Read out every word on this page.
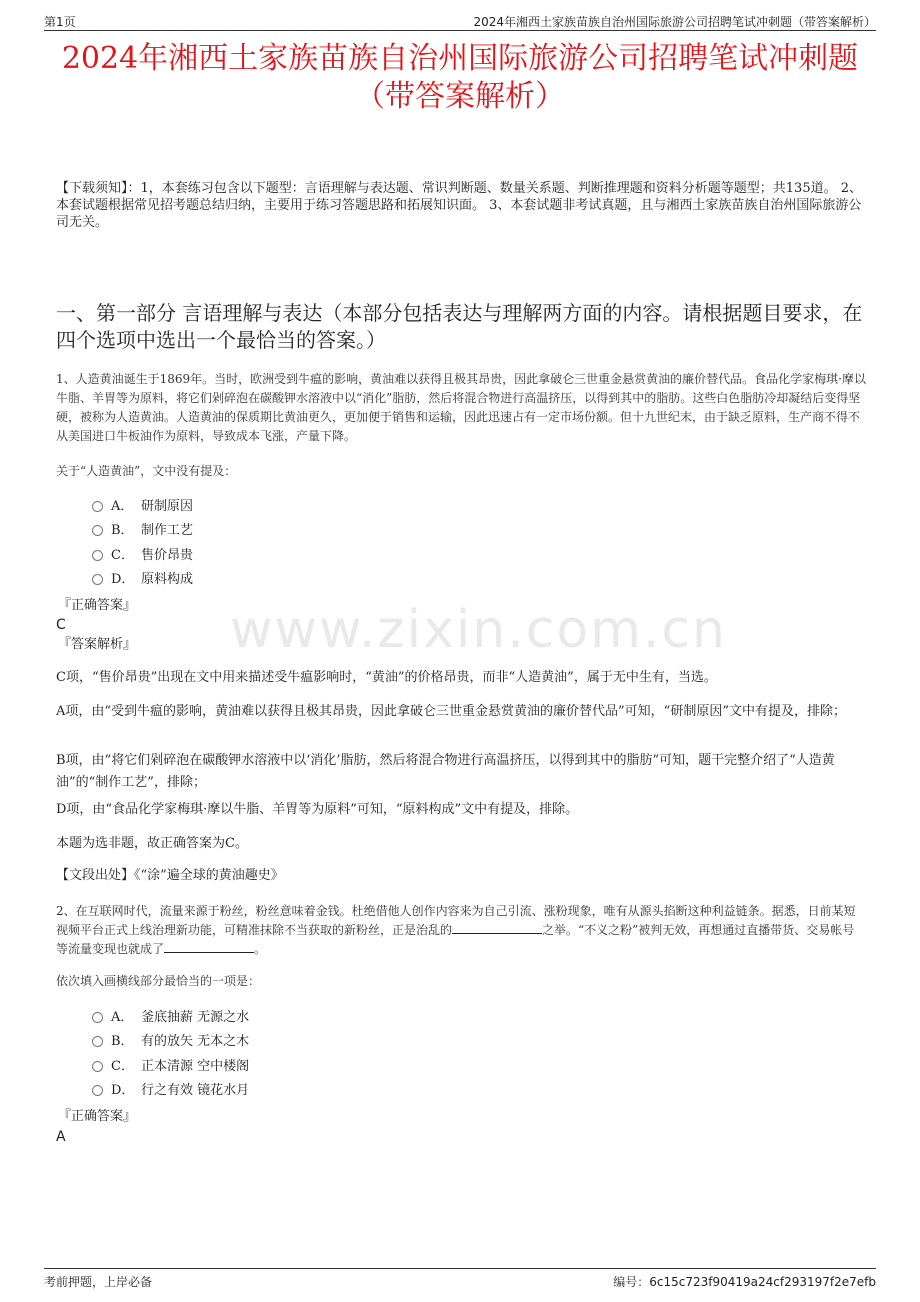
第1页	2024年湘西土家族苗族自治州国际旅游公司招聘笔试冲刺题（带答案解析）
www.zixin.com.cn
2024年湘西土家族苗族自治州国际旅游公司招聘笔试冲刺题
（带答案解析）
【下载须知】：1，本套练习包含以下题型：言语理解与表达题、常识判断题、数量关系题、判断推理题和资料分析题等题型；共135道。 2、本套试题根据常见招考题总结归纳，主要用于练习答题思路和拓展知识面。 3、本套试题非考试真题，且与湘西土家族苗族自治州国际旅游公司无关。
一、第一部分 言语理解与表达（本部分包括表达与理解两方面的内容。请根据题目要求，在四个选项中选出一个最恰当的答案。）
1、人造黄油诞生于1869年。当时，欧洲受到牛瘟的影响，黄油难以获得且极其昂贵，因此拿破仑三世重金悬赏黄油的廉价替代品。食品化学家梅琪·摩以牛脂、羊胃等为原料，将它们剁碎泡在碳酸钾水溶液中以“消化”脂肪，然后将混合物进行高温挤压，以得到其中的脂肪。这些白色脂肪冷却凝结后变得坚硬，被称为人造黄油。人造黄油的保质期比黄油更久，更加便于销售和运输，因此迅速占有一定市场份额。但十九世纪末，由于缺乏原料，生产商不得不从美国进口牛板油作为原料，导致成本飞涨，产量下降。
关于“人造黄油”，文中没有提及：
A． 研制原因
B． 制作工艺
C． 售价昂贵
D． 原料构成
『正确答案』
C
『答案解析』
C项，“售价昂贵”出现在文中用来描述受牛瘟影响时，“黄油”的价格昂贵，而非“人造黄油”，属于无中生有，当选。
A项，由“受到牛瘟的影响，黄油难以获得且极其昂贵，因此拿破仑三世重金悬赏黄油的廉价替代品”可知，“研制原因”文中有提及，排除；
B项，由“将它们剁碎泡在碳酸钾水溶液中以‘消化’脂肪，然后将混合物进行高温挤压，以得到其中的脂肪”可知，题干完整介绍了“人造黄油”的“制作工艺”，排除；
D项，由“食品化学家梅琪·摩以牛脂、羊胃等为原料”可知，“原料构成”文中有提及，排除。
本题为选非题，故正确答案为C。
【文段出处】《“涂”遍全球的黄油趣史》
2、在互联网时代，流量来源于粉丝，粉丝意味着金钱。杜绝借他人创作内容来为自己引流、涨粉现象，唯有从源头掐断这种利益链条。据悉，日前某短视频平台正式上线治理新功能，可精准抹除不当获取的新粉丝，正是治乱的	之举。“不义之粉”被判无效，再想通过直播带货、交易帐号等流量变现也就成了	。
依次填入画横线部分最恰当的一项是：
A． 釜底抽薪 无源之水
B． 有的放矢 无本之木
C． 正本清源 空中楼阁
D． 行之有效 镜花水月
『正确答案』
A
考前押题，上岸必备	编号：6c15c723f90419a24cf293197f2e7efb
